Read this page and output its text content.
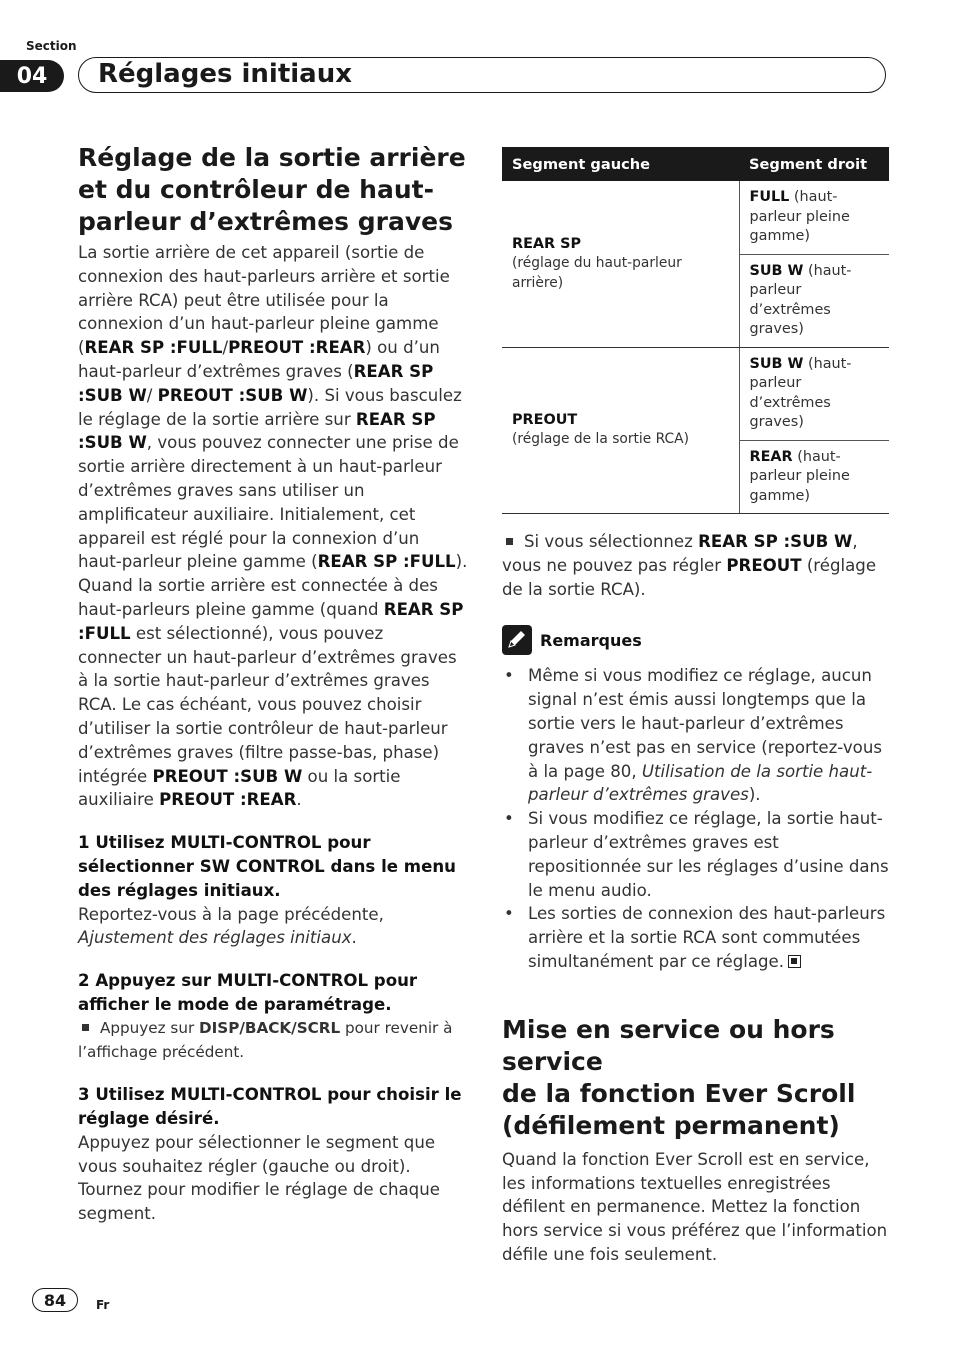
Section
04	Réglages initiaux
Réglage de la sortie arrière
et du contrôleur de haut-
parleur d’extrêmes graves
La sortie arrière de cet appareil (sortie de connexion des haut-parleurs arrière et sortie arrière RCA) peut être utilisée pour la connexion d’un haut-parleur pleine gamme (REAR SP :FULL/PREOUT :REAR) ou d’un haut-parleur d’extrêmes graves (REAR SP :SUB W/ PREOUT :SUB W). Si vous basculez le réglage de la sortie arrière sur REAR SP :SUB W, vous pouvez connecter une prise de sortie arrière directement à un haut-parleur d’extrêmes graves sans utiliser un amplificateur auxiliaire. Initialement, cet appareil est réglé pour la connexion d’un haut-parleur pleine gamme (REAR SP :FULL). Quand la sortie arrière est connectée à des haut-parleurs pleine gamme (quand REAR SP :FULL est sélectionné), vous pouvez connecter un haut-parleur d’extrêmes graves à la sortie haut-parleur d’extrêmes graves RCA. Le cas échéant, vous pouvez choisir d’utiliser la sortie contrôleur de haut-parleur d’extrêmes graves (filtre passe-bas, phase) intégrée PREOUT :SUB W ou la sortie auxiliaire PREOUT :REAR.
1 Utilisez MULTI-CONTROL pour sélectionner SW CONTROL dans le menu des réglages initiaux.
Reportez-vous à la page précédente, Ajustement des réglages initiaux.
2 Appuyez sur MULTI-CONTROL pour afficher le mode de paramétrage.
Appuyez sur DISP/BACK/SCRL pour revenir à l’affichage précédent.
3 Utilisez MULTI-CONTROL pour choisir le réglage désiré.
Appuyez pour sélectionner le segment que vous souhaitez régler (gauche ou droit). Tournez pour modifier le réglage de chaque segment.
Segment gauche	Segment droit
REAR SP
(réglage du haut-parleur arrière)	FULL (haut-parleur pleine gamme)
	SUB W (haut-parleur d’extrêmes graves)
PREOUT
(réglage de la sortie RCA)	SUB W (haut-parleur d’extrêmes graves)
	REAR (haut-parleur pleine gamme)
Si vous sélectionnez REAR SP :SUB W, vous ne pouvez pas régler PREOUT (réglage de la sortie RCA).
Remarques
• Même si vous modifiez ce réglage, aucun signal n’est émis aussi longtemps que la sortie vers le haut-parleur d’extrêmes graves n’est pas en service (reportez-vous à la page 80, Utilisation de la sortie haut-parleur d’extrêmes graves).
• Si vous modifiez ce réglage, la sortie haut-parleur d’extrêmes graves est repositionnée sur les réglages d’usine dans le menu audio.
• Les sorties de connexion des haut-parleurs arrière et la sortie RCA sont commutées simultanément par ce réglage.
Mise en service ou hors service
de la fonction Ever Scroll
(défilement permanent)
Quand la fonction Ever Scroll est en service, les informations textuelles enregistrées défilent en permanence. Mettez la fonction hors service si vous préférez que l’information défile une fois seulement.
84	Fr
